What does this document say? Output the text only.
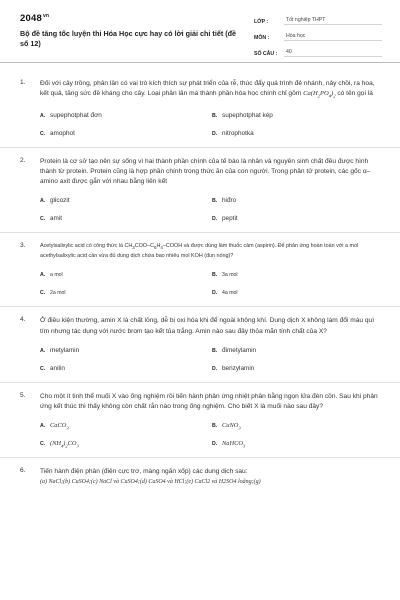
$2048^{vn}$
Bộ đề tăng tốc luyện thi Hóa Học cực hay có lời giải chi tiết (đề số 12)
LỚP :	Tốt nghiệp THPT
MÔN :	Hóa học
SỐ CÂU :	40
1. Đối với cây trồng, phân lân có vai trò kích thích sự phát triển của rễ, thúc đẩy quá trình đẻ nhánh, nảy chồi, ra hoa, kết quả, tăng sức đề kháng cho cây. Loại phân lân mà thành phần hóa học chính chỉ gồm $Ca(H_2PO_4)_2$ có tên gọi là
A. supephotphat đơn	B. supephotphat kép
C. amophot	D. nitrophotka
2. Protein là cơ sở tạo nên sự sống vì hai thành phần chính của tế bào là nhân và nguyên sinh chất đều được hình thành từ protein. Protein cũng là hợp phần chính trong thức ăn của con người. Trong phân tử protein, các gốc α–amino axit được gắn với nhau bằng liên kết
A. glicozit	B. hiđro
C. amit	D. peptit
3.	Acetylsalixylic acid có công thức là $CH_3COO-C_6H_4$–COOH và được dùng làm thuốc cảm (aspirin). Để phản ứng hoàn toàn với a mol acethylsalixylic acid cần vừa đủ dung dịch chứa bao nhiêu mol KOH (đun nóng)?
A. a mol	B. 3a mol
C. 2a mol	D. 4a mol
4. Ở điều kiện thường, amin X là chất lỏng, dễ bị oxi hóa khi để ngoài không khí. Dung dịch X không làm đổi màu quì tím nhưng tác dụng với nước brom tạo kết tủa trắng. Amin nào sau đây thỏa mãn tính chất của X?
A. metylamin	B. đimetylamin
C. anilin	D. benzylamin
5. Cho một ít tinh thể muối X vào ống nghiệm rồi tiến hành phản ứng nhiệt phân bằng ngọn lửa đèn cồn. Sau khi phản ứng kết thúc thì thấy không còn chất rắn nào trong ống nghiệm. Cho biết X là muối nào sau đây?
A. CaCO$_3$	B. CuNO$_3$
C. $(NH_4)_2CO_3$	D. NaHCO$_3$
6. Tiến hành điện phân (điện cực trơ, màng ngăn xốp) các dung dịch sau:
(a) NaCl;(b) CuSO4;(c) NaCl và CuSO4;(d) CuSO4 và HCl;(e) CaCl2 và H2SO4 loãng;(g)
